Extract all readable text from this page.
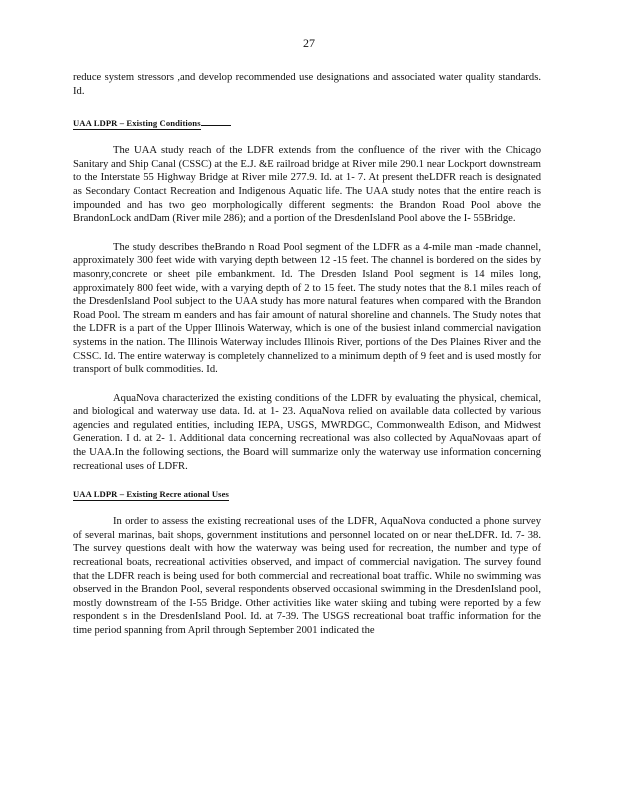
27

reduce system stressors ,and develop recommended use designations and associated water quality standards. Id.

UAA LDPR – Existing Conditions

The UAA study reach of the LDFR extends from the confluence of the river with the Chicago Sanitary and Ship Canal (CSSC) at the E.J. &E railroad bridge at River mile 290.1 near Lockport downstream to the Interstate 55 Highway Bridge at River mile 277.9. Id. at 1- 7. At present theLDFR reach is designated as Secondary Contact Recreation and Indigenous Aquatic life. The UAA study notes that the entire reach is impounded and has two geo morphologically different segments: the Brandon Road Pool above the BrandonLock andDam (River mile 286); and a portion of the DresdenIsland Pool above the I- 55Bridge.

The study describes theBrando n Road Pool segment of the LDFR as a 4-mile man -made channel, approximately 300 feet wide with varying depth between 12 -15 feet. The channel is bordered on the sides by masonry,concrete or sheet pile embankment. Id. The Dresden Island Pool segment is 14 miles long, approximately 800 feet wide, with a varying depth of 2 to 15 feet. The study notes that the 8.1 miles reach of the DresdenIsland Pool subject to the UAA study has more natural features when compared with the Brandon Road Pool. The stream m eanders and has fair amount of natural shoreline and channels. The Study notes that the LDFR is a part of the Upper Illinois Waterway, which is one of the busiest inland commercial navigation systems in the nation. The Illinois Waterway includes Illinois River, portions of the Des Plaines River and the CSSC. Id. The entire waterway is completely channelized to a minimum depth of 9 feet and is used mostly for transport of bulk commodities. Id.

AquaNova characterized the existing conditions of the LDFR by evaluating the physical, chemical, and biological and waterway use data. Id. at 1- 23. AquaNova relied on available data collected by various agencies and regulated entities, including IEPA, USGS, MWRDGC, Commonwealth Edison, and Midwest Generation. I d. at 2- 1. Additional data concerning recreational was also collected by AquaNovaas apart of the UAA.In the following sections, the Board will summarize only the waterway use information concerning recreational uses of LDFR.

UAA LDPR – Existing Recre ational Uses

In order to assess the existing recreational uses of the LDFR, AquaNova conducted a phone survey of several marinas, bait shops, government institutions and personnel located on or near theLDFR. Id. 7- 38. The survey questions dealt with how the waterway was being used for recreation, the number and type of recreational boats, recreational activities observed, and impact of commercial navigation. The survey found that the LDFR reach is being used for both commercial and recreational boat traffic. While no swimming was observed in the Brandon Pool, several respondents observed occasional swimming in the DresdenIsland pool, mostly downstream of the I-55 Bridge. Other activities like water skiing and tubing were reported by a few respondent s in the DresdenIsland Pool. Id. at 7-39. The USGS recreational boat traffic information for the time period spanning from April through September 2001 indicated the
